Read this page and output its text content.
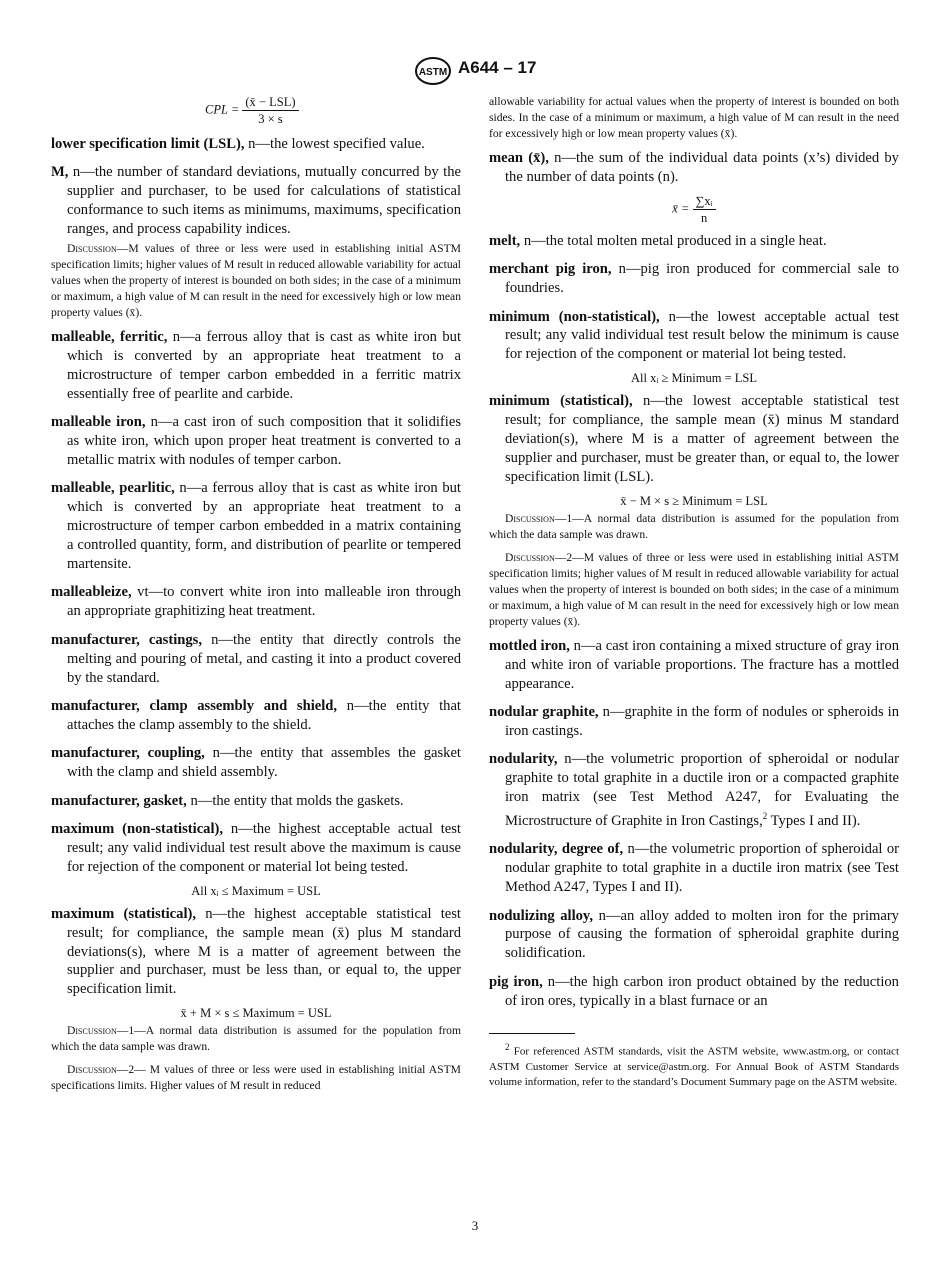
ASTM A644 – 17
CPL = $\frac{\text{(x̄ − LSL)}}{3 \times s}$

lower specification limit (LSL), n—the lowest specified value.

M, n—the number of standard deviations, mutually concurred by the supplier and purchaser, to be used for calculations of statistical conformance to such items as minimums, maximums, specification ranges, and process capability indices.

Discussion—M values of three or less were used in establishing initial ASTM specification limits; higher values of M result in reduced allowable variability for actual values when the property of interest is bounded on both sides; in the case of a minimum or maximum, a high value of M can result in the need for excessively high or low mean property values (x̄).

malleable, ferritic, n—a ferrous alloy that is cast as white iron but which is converted by an appropriate heat treatment to a microstructure of temper carbon embedded in a ferritic matrix essentially free of pearlite and carbide.

malleable iron, n—a cast iron of such composition that it solidifies as white iron, which upon proper heat treatment is converted to a metallic matrix with nodules of temper carbon.

malleable, pearlitic, n—a ferrous alloy that is cast as white iron but which is converted by an appropriate heat treatment to a microstructure of temper carbon embedded in a matrix containing a controlled quantity, form, and distribution of pearlite or tempered martensite.

malleableize, vt—to convert white iron into malleable iron through an appropriate graphitizing heat treatment.

manufacturer, castings, n—the entity that directly controls the melting and pouring of metal, and casting it into a product covered by the standard.

manufacturer, clamp assembly and shield, n—the entity that attaches the clamp assembly to the shield.

manufacturer, coupling, n—the entity that assembles the gasket with the clamp and shield assembly.

manufacturer, gasket, n—the entity that molds the gaskets.

maximum (non-statistical), n—the highest acceptable actual test result; any valid individual test result above the maximum is cause for rejection of the component or material lot being tested.

All xᵢ ≤ Maximum = USL

maximum (statistical), n—the highest acceptable statistical test result; for compliance, the sample mean (x̄) plus M standard deviations(s), where M is a matter of agreement between the supplier and purchaser, must be less than, or equal to, the upper specification limit.

x̄ + M × s ≤ Maximum = USL

Discussion—1—A normal data distribution is assumed for the population from which the data sample was drawn.

Discussion—2— M values of three or less were used in establishing initial ASTM specifications limits. Higher values of M result in reduced

allowable variability for actual values when the property of interest is bounded on both sides. In the case of a minimum or maximum, a high value of M can result in the need for excessively high or low mean property values (x̄).

mean (x̄), n—the sum of the individual data points (x’s) divided by the number of data points (n).

x̄ = $\frac{\text{∑xᵢ}}{n}$

melt, n—the total molten metal produced in a single heat.

merchant pig iron, n—pig iron produced for commercial sale to foundries.

minimum (non-statistical), n—the lowest acceptable actual test result; any valid individual test result below the minimum is cause for rejection of the component or material lot being tested.

All xᵢ ≥ Minimum = LSL

minimum (statistical), n—the lowest acceptable statistical test result; for compliance, the sample mean (x̄) minus M standard deviation(s), where M is a matter of agreement between the supplier and purchaser, must be greater than, or equal to, the lower specification limit (LSL).

x̄ − M × s ≥ Minimum = LSL

Discussion—1—A normal data distribution is assumed for the population from which the data sample was drawn.

Discussion—2—M values of three or less were used in establishing initial ASTM specification limits; higher values of M result in reduced allowable variability for actual values when the property of interest is bounded on both sides; in the case of a minimum or maximum, a high value of M can result in the need for excessively high or low mean property values (x̄).

mottled iron, n—a cast iron containing a mixed structure of gray iron and white iron of variable proportions. The fracture has a mottled appearance.

nodular graphite, n—graphite in the form of nodules or spheroids in iron castings.

nodularity, n—the volumetric proportion of spheroidal or nodular graphite to total graphite in a ductile iron or a compacted graphite iron matrix (see Test Method A247, for Evaluating the Microstructure of Graphite in Iron Castings,$^2$ Types I and II).

nodularity, degree of, n—the volumetric proportion of spheroidal or nodular graphite to total graphite in a ductile iron matrix (see Test Method A247, Types I and II).

nodulizing alloy, n—an alloy added to molten iron for the primary purpose of causing the formation of spheroidal graphite during solidification.

pig iron, n—the high carbon iron product obtained by the reduction of iron ores, typically in a blast furnace or an

$^2$ For referenced ASTM standards, visit the ASTM website, www.astm.org, or contact ASTM Customer Service at service@astm.org. For Annual Book of ASTM Standards volume information, refer to the standard’s Document Summary page on the ASTM website.

3
